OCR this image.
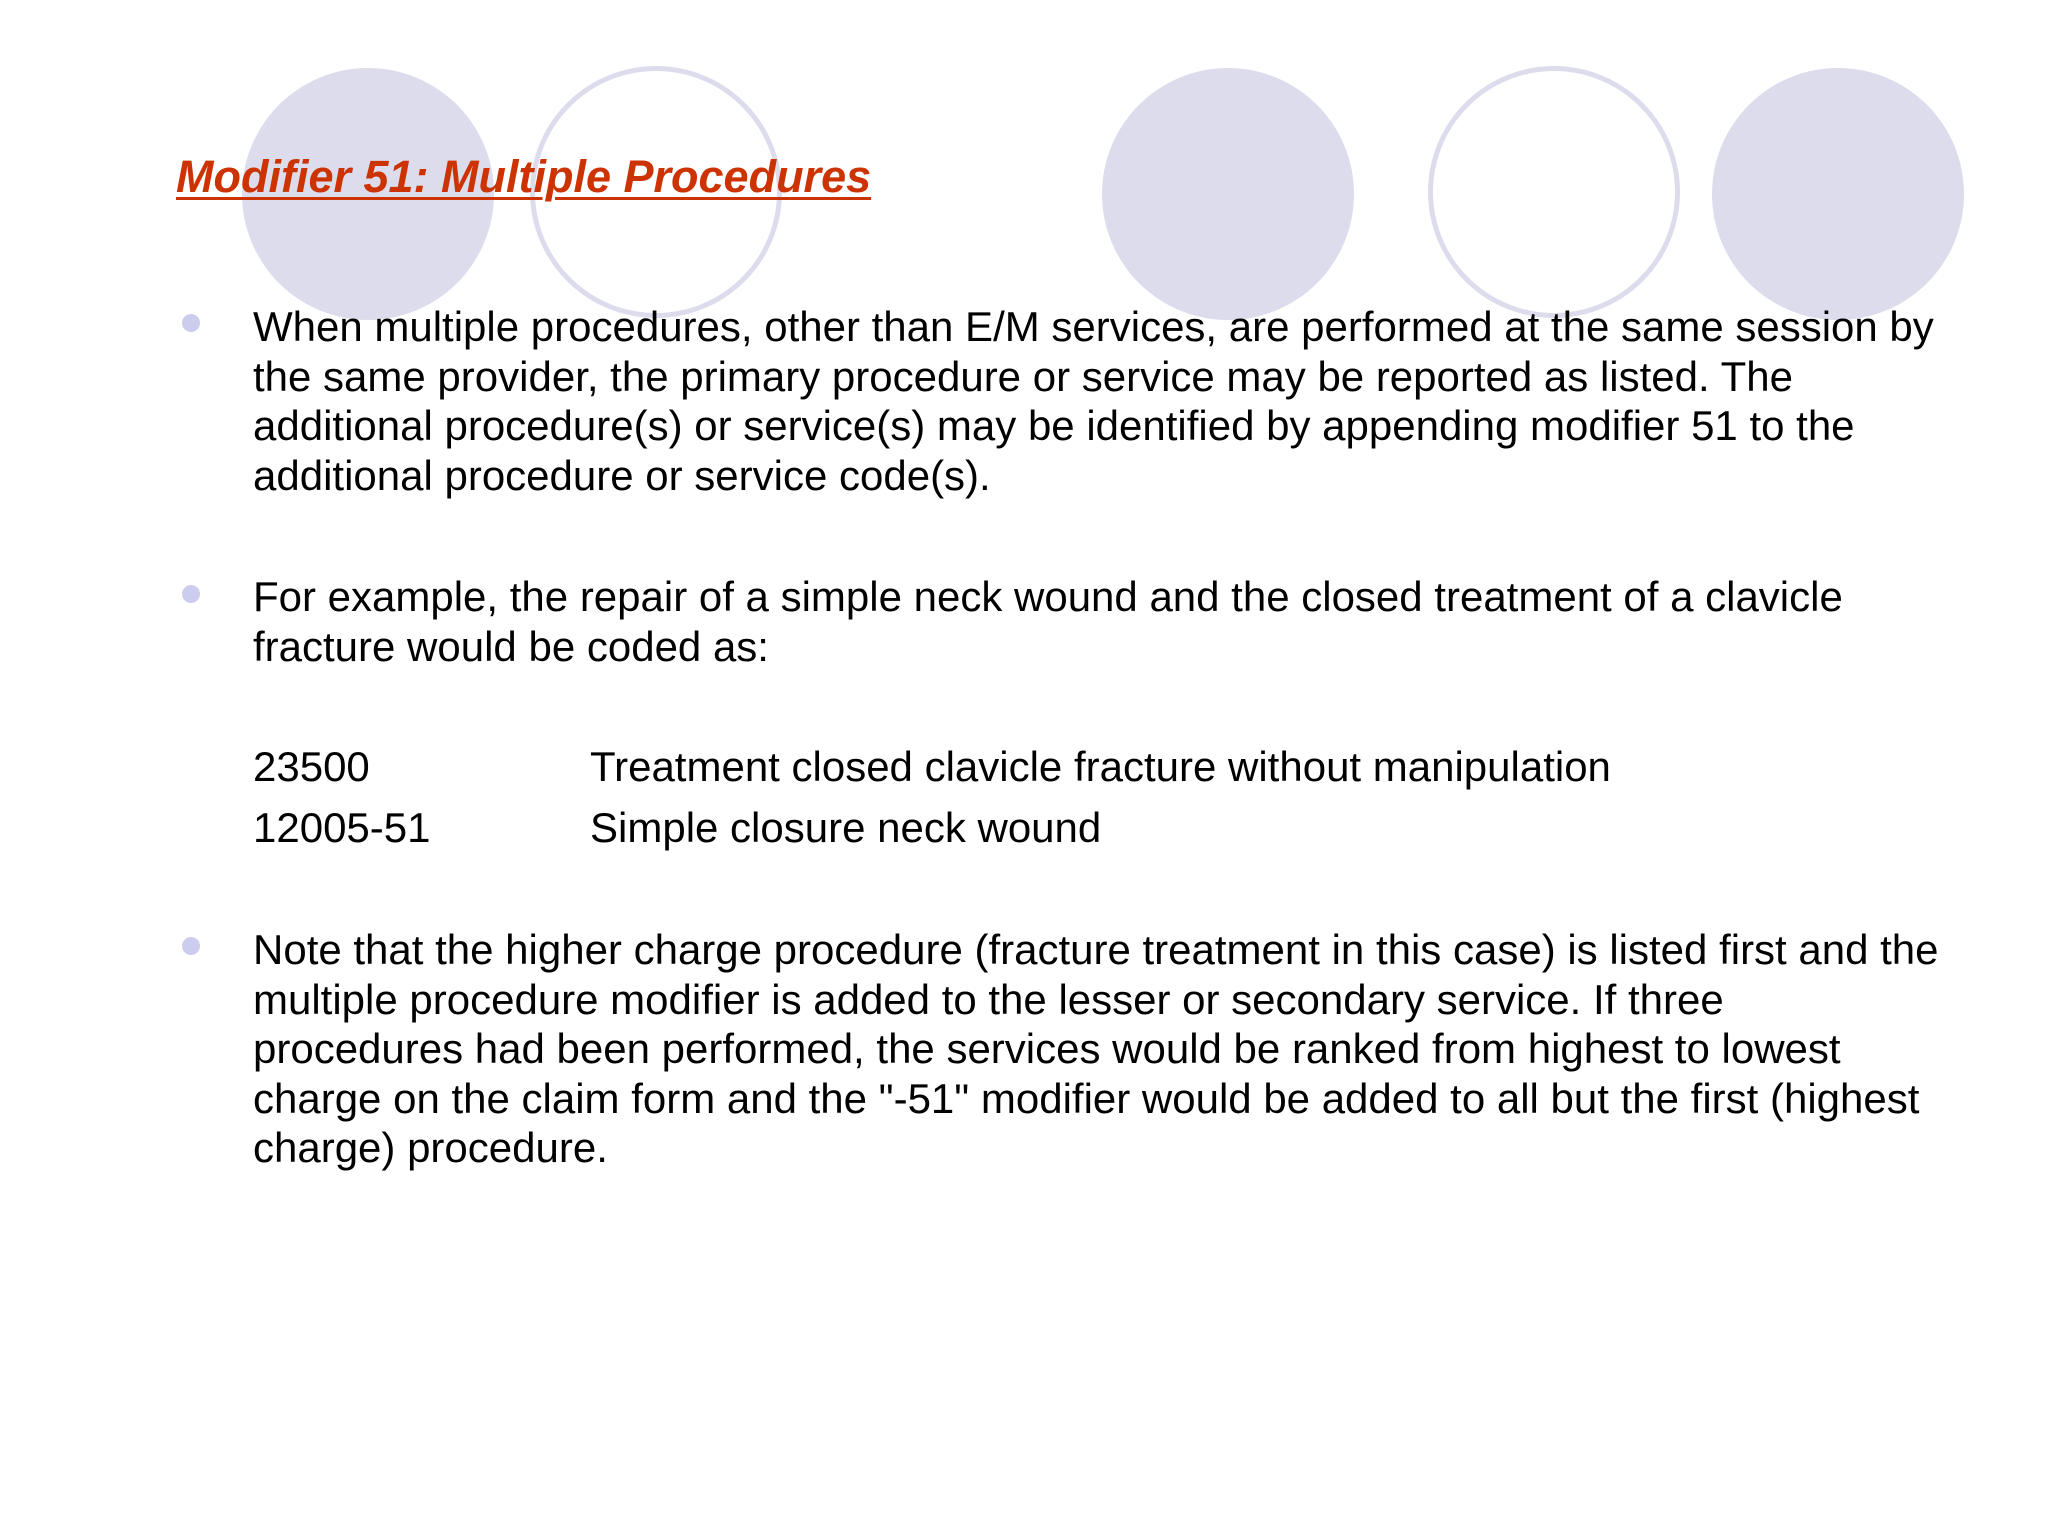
Modifier 51: Multiple Procedures

When multiple procedures, other than E/M services, are performed at the same session by the same provider, the primary procedure or service may be reported as listed. The additional procedure(s) or service(s) may be identified by appending modifier 51 to the additional procedure or service code(s).

For example, the repair of a simple neck wound and the closed treatment of a clavicle fracture would be coded as:

23500	Treatment closed clavicle fracture without manipulation
12005-51	Simple closure neck wound

Note that the higher charge procedure (fracture treatment in this case) is listed first and the multiple procedure modifier is added to the lesser or secondary service. If three procedures had been performed, the services would be ranked from highest to lowest charge on the claim form and the "-51" modifier would be added to all but the first (highest charge) procedure.
